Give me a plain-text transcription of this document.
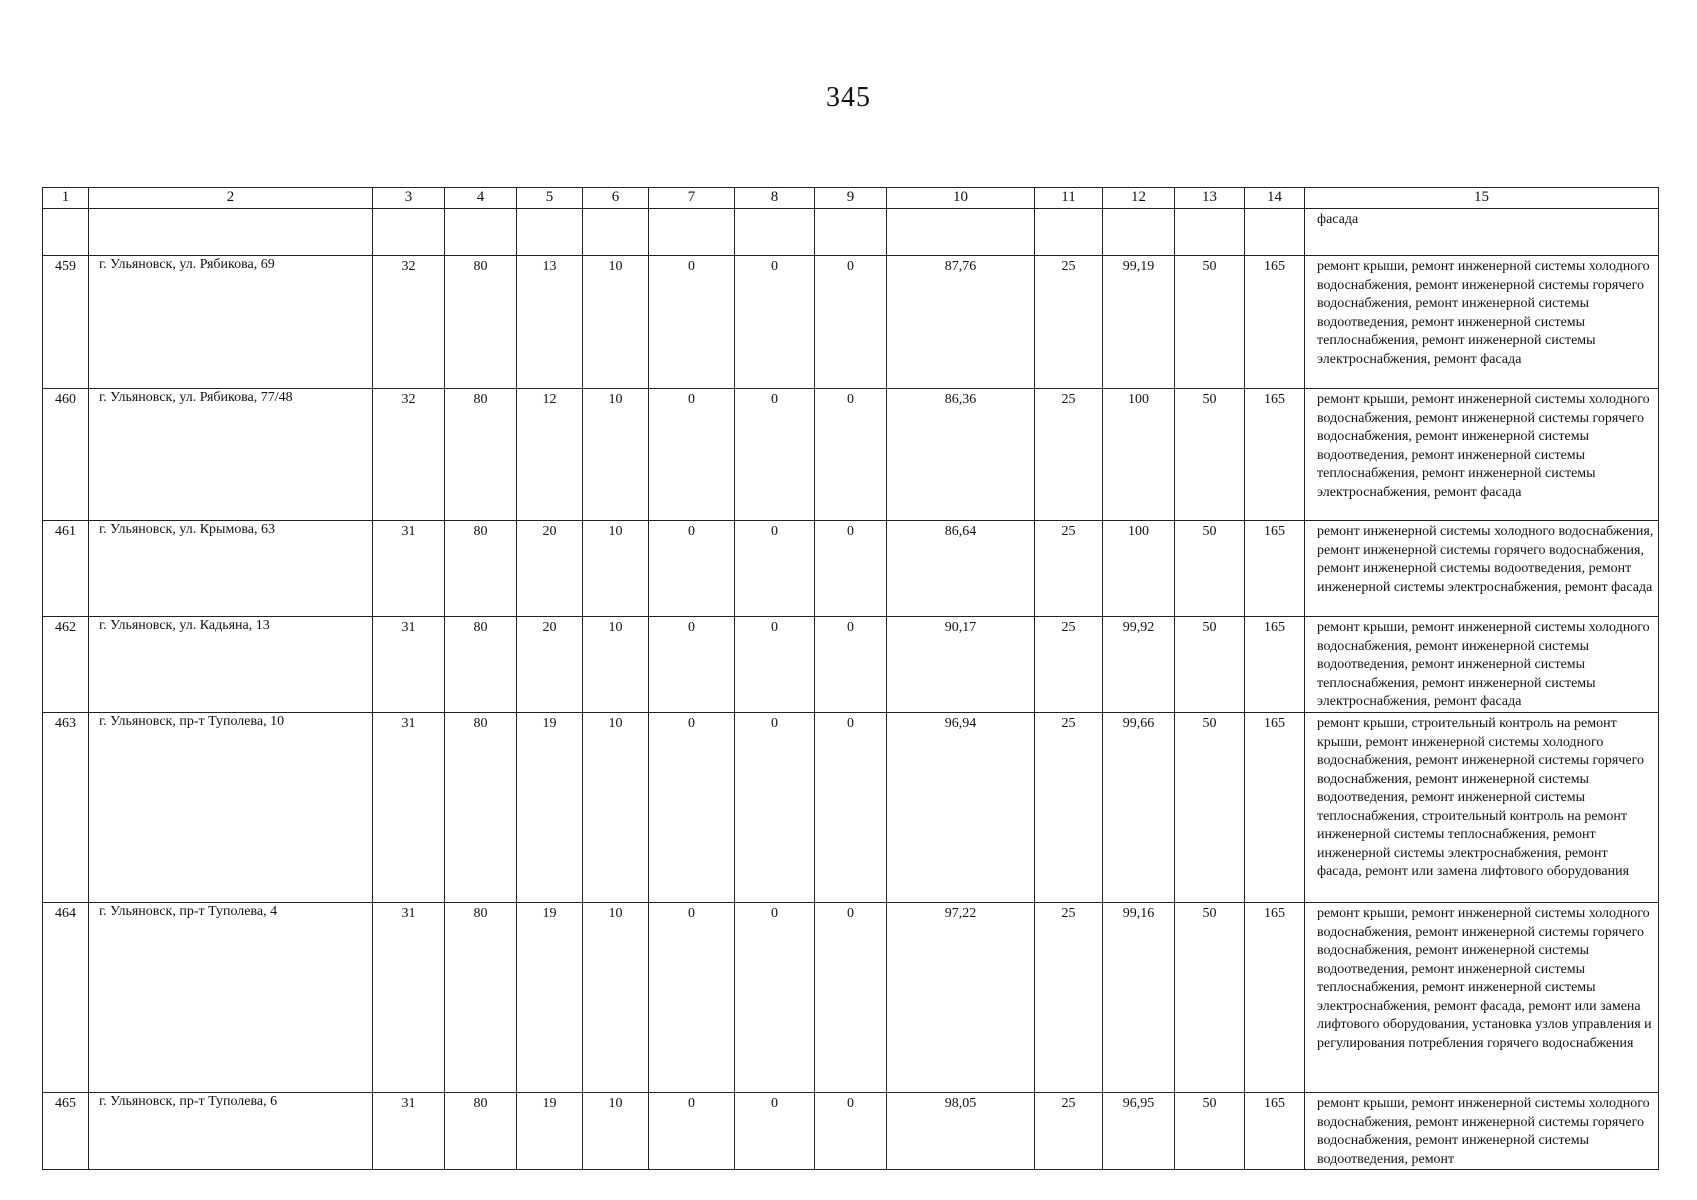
345
1	2	3	4	5	6	7	8	9	10	11	12	13	14	15
														фасада
459	г. Ульяновск, ул. Рябикова, 69	32	80	13	10	0	0	0	87,76	25	99,19	50	165	ремонт крыши, ремонт инженерной системы холодного водоснабжения, ремонт инженерной системы горячего водоснабжения, ремонт инженерной системы водоотведения, ремонт инженерной системы теплоснабжения, ремонт инженерной системы электроснабжения, ремонт фасада
460	г. Ульяновск, ул. Рябикова, 77/48	32	80	12	10	0	0	0	86,36	25	100	50	165	ремонт крыши, ремонт инженерной системы холодного водоснабжения, ремонт инженерной системы горячего водоснабжения, ремонт инженерной системы водоотведения, ремонт инженерной системы теплоснабжения, ремонт инженерной системы электроснабжения, ремонт фасада
461	г. Ульяновск, ул. Крымова, 63	31	80	20	10	0	0	0	86,64	25	100	50	165	ремонт инженерной системы холодного водоснабжения, ремонт инженерной системы горячего водоснабжения, ремонт инженерной системы водоотведения, ремонт инженерной системы электроснабжения, ремонт фасада
462	г. Ульяновск, ул. Кадьяна, 13	31	80	20	10	0	0	0	90,17	25	99,92	50	165	ремонт крыши, ремонт инженерной системы холодного водоснабжения, ремонт инженерной системы водоотведения, ремонт инженерной системы теплоснабжения, ремонт инженерной системы электроснабжения, ремонт фасада
463	г. Ульяновск, пр-т Туполева, 10	31	80	19	10	0	0	0	96,94	25	99,66	50	165	ремонт крыши, строительный контроль на ремонт крыши, ремонт инженерной системы холодного водоснабжения, ремонт инженерной системы горячего водоснабжения, ремонт инженерной системы водоотведения, ремонт инженерной системы теплоснабжения, строительный контроль на ремонт инженерной системы теплоснабжения, ремонт инженерной системы электроснабжения, ремонт фасада, ремонт или замена лифтового оборудования
464	г. Ульяновск, пр-т Туполева, 4	31	80	19	10	0	0	0	97,22	25	99,16	50	165	ремонт крыши, ремонт инженерной системы холодного водоснабжения, ремонт инженерной системы горячего водоснабжения, ремонт инженерной системы водоотведения, ремонт инженерной системы теплоснабжения, ремонт инженерной системы электроснабжения, ремонт фасада, ремонт или замена лифтового оборудования, установка узлов управления и регулирования потребления горячего водоснабжения
465	г. Ульяновск, пр-т Туполева, 6	31	80	19	10	0	0	0	98,05	25	96,95	50	165	ремонт крыши, ремонт инженерной системы холодного водоснабжения, ремонт инженерной системы горячего водоснабжения, ремонт инженерной системы водоотведения, ремонт
